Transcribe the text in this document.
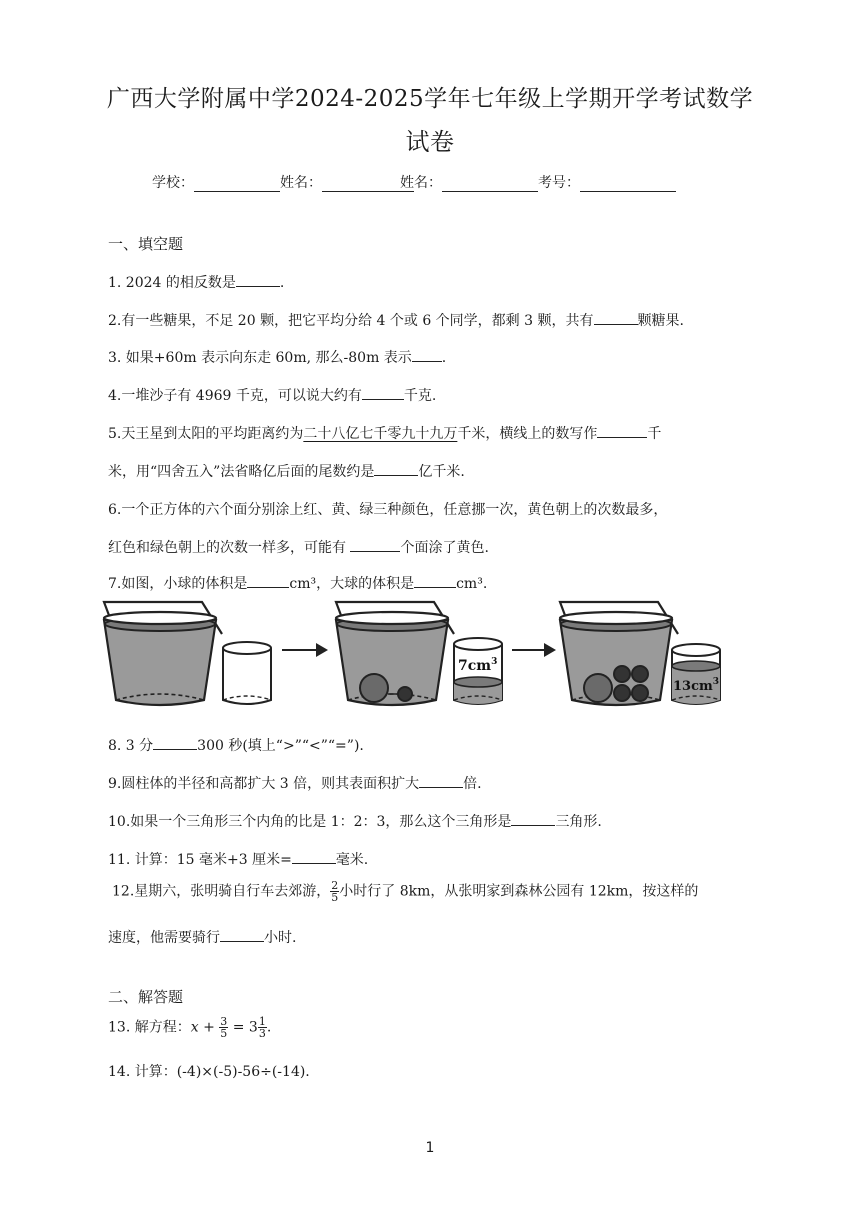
广西大学附属中学2024-2025学年七年级上学期开学考试数学
试卷
学校：	姓名：	姓名：	考号：
一、填空题
1. 2024 的相反数是	.
2.有一些糖果，不足 20 颗，把它平均分给 4 个或 6 个同学，都剩 3 颗，共有	颗糖果.
3. 如果+60m 表示向东走 60m, 那么-80m 表示 .
4.一堆沙子有 4969 千克，可以说大约有	千克.
5.天王星到太阳的平均距离约为二十八亿七千零九十九万千米，横线上的数写作	千
米，用“四舍五入”法省略亿后面的尾数约是	亿千米.
6.一个正方体的六个面分别涂上红、黄、绿三种颜色，任意挪一次，黄色朝上的次数最多，
红色和绿色朝上的次数一样多，可能有	个面涂了黄色.
7.如图，小球的体积是	cm³，大球的体积是	cm³.
$7cm^3$
$13cm^3$
8. 3 分	300 秒(填上“>”“<”“=”).
9.圆柱体的半径和高都扩大 3 倍，则其表面积扩大	倍.
10.如果一个三角形三个内角的比是 1：2：3，那么这个三角形是	三角形.
11. 计算：15 毫米+3 厘米=	毫米.
12.星期六，张明骑自行车去郊游， $\frac{2}{5}$ 小时行了 8km，从张明家到森林公园有 12km，按这样的
速度，他需要骑行	小时.
二、解答题
13. 解方程：$x + \frac{3}{5} = 3 \frac{1}{3}$ .
14. 计算：(-4)×(-5)-56÷(-14).
1
